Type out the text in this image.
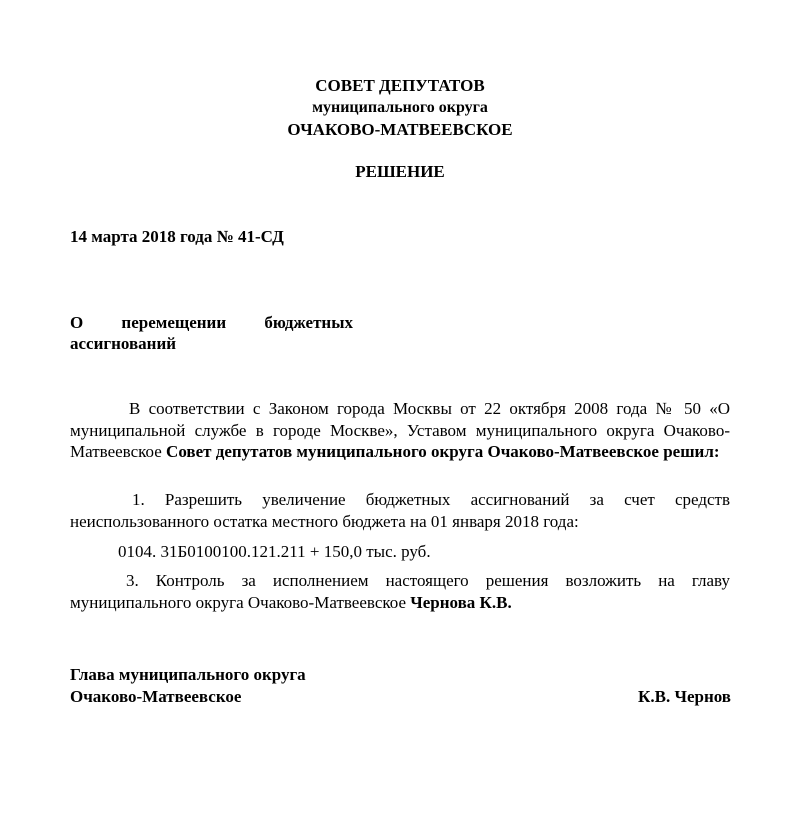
СОВЕТ ДЕПУТАТОВ
муниципального округа
ОЧАКОВО-МАТВЕЕВСКОЕ
РЕШЕНИЕ
14 марта 2018 года № 41-СД
О перемещении бюджетных
ассигнований
В соответствии с Законом города Москвы от 22 октября 2008 года № 50 «О муниципальной службе в городе Москве», Уставом муниципального округа Очаково-Матвеевское Совет депутатов муниципального округа Очаково-Матвеевское решил:
1. Разрешить увеличение бюджетных ассигнований за счет средств неиспользованного остатка местного бюджета на 01 января 2018 года:
0104. 31Б0100100.121.211 + 150,0 тыс. руб.
3. Контроль за исполнением настоящего решения возложить на главу муниципального округа Очаково-Матвеевское Чернова К.В.
Глава муниципального округа
Очаково-Матвеевское	К.В. Чернов
